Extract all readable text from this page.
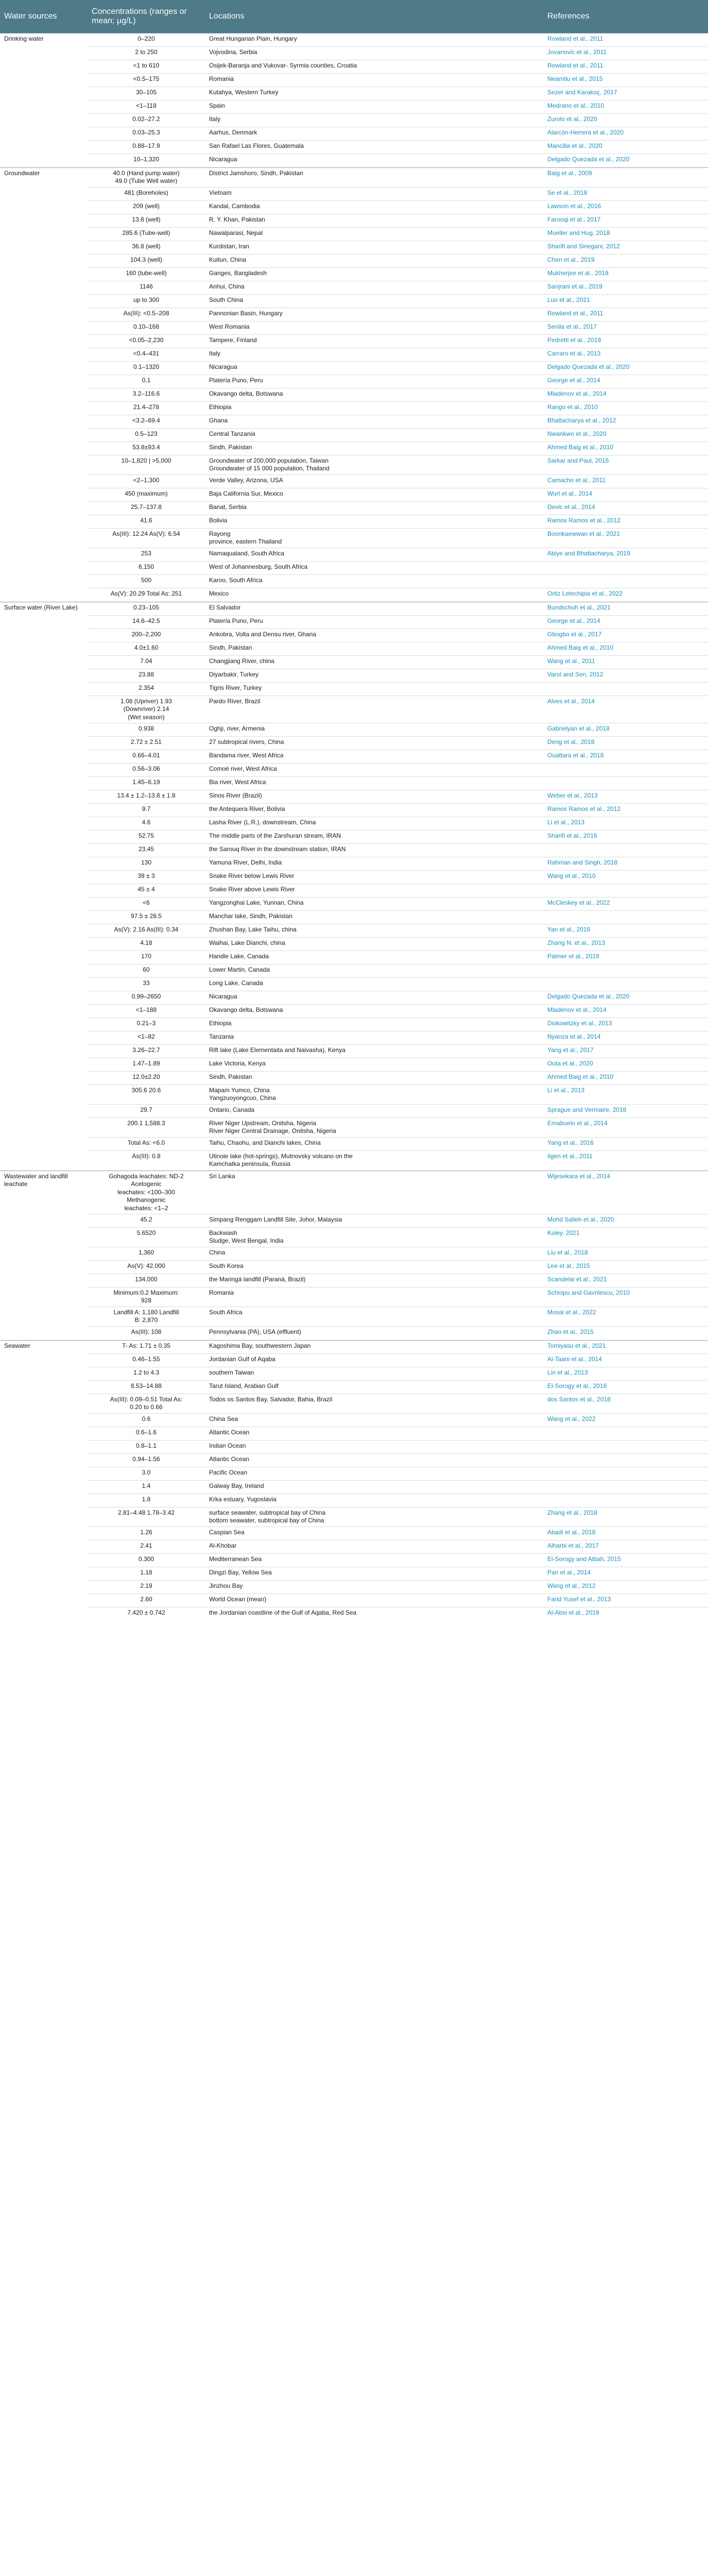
Water sources	Concentrations (ranges or mean; μg/L)	Locations	References
Drinking water	0–220	Great Hungarian Plain, Hungary	Rowland et al., 2011

	2 to 250	Vojvodina, Serbia	Jovanovic et al., 2011

	<1 to 610	Osijek-Baranja and Vukovar- Syrmia counties, Croatia	Rowland et al., 2011

	<0.5–175	Romania	Neamtiu et al., 2015

	30–105	Kutahya, Western Turkey	Sezer and Karakoç, 2017

	<1–118	Spain	Medrano et al., 2010

	0.02–27.2	Italy	Zurolo et al., 2020

	0.03–25.3	Aarhus, Denmark	Alarcón-Herrera et al., 2020

	0.88–17.9	San Rafael Las Flores, Guatemala	Mancilla et al., 2020

	10–1,320	Nicaragua	Delgado Quezada et al., 2020

Groundwater	40.0 (Hand pump water)
49.0 (Tube Well water)	District Jamshoro, Sindh, Pakistan	Baig et al., 2009

	481 (Boreholes)	Vietnam	Se et al., 2018

	209 (well)	Kandal, Cambodia	Lawson et al., 2016

	13.8 (well)	R. Y. Khan, Pakistan	Farooqi et al., 2017

	285.6 (Tube-well)	Nawalparasi, Nepal	Mueller and Hug, 2018

	36.8 (well)	Kurdistan, Iran	Sharifi and Sinegani, 2012

	104.3 (well)	Kuitun, China	Chen et al., 2019

	160 (tube-well)	Ganges, Bangladesh	Mukherjee et al., 2018

	1146	Anhui, China	Sanjrani et al., 2019

	up to 300	South China	Luo et al., 2021

	As(III): <0.5–208	Pannonian Basin, Hungary	Rowland et al., 2011

	0.10–168	West Romania	Senila et al., 2017

	<0.05–2,230	Tampere, Finland	Pedretti et al., 2019

	<0.4–431	Italy	Carraro et al., 2013

	0.1–1320	Nicaragua	Delgado Quezada et al., 2020

	0.1	Platería Puno, Peru	George et al., 2014

	3.2–116.6	Okavango delta, Botswana	Mladenov et al., 2014

	21.4–278	Ethiopia	Rango et al., 2010

	<3.2–69.4	Ghana	Bhattacharya et al., 2012

	0.5–123	Central Tanzania	Nwankwo et al., 2020

	53.8±93.4	Sindh, Pakistan	Ahmed Baig et al., 2010

	10–1,820 | >5,000	Groundwater of 200,000 population, Taiwan
Groundwater of 15 000 population, Thailand	Sarkar and Paul, 2016

	<2–1,300	Verde Valley, Arizona, USA	Camacho et al., 2011

	450 (maximum)	Baja California Sur, Mexico	Wurl et al., 2014

	25.7–137.8	Banat, Serbia	Devic et al., 2014

	41.6	Bolivia	Ramos Ramos et al., 2012

	As(III): 12.24 As(V): 6.54	Rayong
province, eastern Thailand	Boonkaewwan et al., 2021

	253	Namaqualand, South Africa	Abiye and Bhattacharya, 2019

	6,150	West of Johannesburg, South Africa	

	500	Karoo, South Africa	

	As(V): 20.29 Total As: 251	Mexico	Ortiz Letechipia et al., 2022

Surface water (River Lake)	0.23–105	El Salvador	Bundschuh et al., 2021

	14.6–42.5	Platería Puno, Peru	George et al., 2014

	200–2,200	Ankobra, Volta and Densu river, Ghana	Gbogbo et al., 2017

	4.0±1.60	Sindh, Pakistan	Ahmed Baig et al., 2010

	7.04	Changjiang River, china	Wang et al., 2011

	23.88	Diyarbakir, Turkey	Varol and Sen, 2012

	2.354	Tigris River, Turkey	

	1.08 (Upriver) 1.93
(Downriver) 2.14
(Wet season)	Pardo River, Brazil	Alves et al., 2014

	0.938	Oghji, river, Armenia	Gabrielyan et al., 2018

	2.72 ± 2.51	27 subtropical rivers, China	Deng et al., 2018

	0.66–4.01	Bandama river, West Africa	Ouattara et al., 2018

	0.56–3.06	Comoé river, West Africa	

	1.45–6.19	Bia river, West Africa	

	13.4 ± 1.2–13.8 ± 1.8	Sinos River (Brazil)	Weber et al., 2013

	9.7	the Antequera River, Bolivia	Ramos Ramos et al., 2012

	4.6	Lasha River (L.R.), downstream, China	Li et al., 2013

	52.75	The middle parts of the Zarshuran stream, IRAN	Sharifi et al., 2016

	23.45	the Sarouq River in the downstream station, IRAN	

	130	Yamuna River, Delhi, India	Rahman and Singh, 2018

	39 ± 3	Snake River below Lewis River	Wang et al., 2010

	45 ± 4	Snake River above Lewis River	

	<6	Yangzonghai Lake, Yunnan, China	McCleskey et al., 2022

	97.5 ± 28.5	Manchar lake, Sindh, Pakistan	

	As(V): 2.16 As(III): 0.34	Zhushan Bay, Lake Taihu, china	Yan et al., 2016

	4.18	Waihai, Lake Dianchi, china	Zhang N. et al., 2013

	170	Handle Lake, Canada	Palmer et al., 2019

	60	Lower Martin, Canada	

	33	Long Lake, Canada	

	0.99–2650	Nicaragua	Delgado Quezada et al., 2020

	<1–188	Okavango delta, Botswana	Mladenov et al., 2014

	0.21–3	Ethiopia	Dsikowitzky et al., 2013

	<1–82	Tanzania	Nyanza et al., 2014

	3.26–22.7	Rift lake (Lake Elementaita and Naivasha), Kenya	Yang et al., 2017

	1.47–1.89	Lake Victoria, Kenya	Outa et al., 2020

	12.0±2.20	Sindh, Pakistan	Ahmed Baig et al., 2010

	305.6 20.6	Mapam Yumco, China
Yangzuoyongcuo, China	Li et al., 2013

	29.7	Ontario, Canada	Sprague and Vermaire, 2018

	200.1 1,588.3	River Niger Upstream, Onitsha, Nigeria
River Niger Central Drainage, Onitsha, Nigeria	Emabuelo et al., 2014

	Total As: <6.0	Taihu, Chaohu, and Dianchi lakes, China	Yang et al., 2016

	As(III): 0.8	Utinoie lake (hot-springs), Mutnovsky volcano on the
Kamchatka peninsula, Russia	Ilgen et al., 2011

Wastewater and landfill leachate	Gohagoda leachates: ND-2
Acetogenic
leachates: <100–300
Methanogenic
leachates: <1–2	Sri Lanka	Wijesekara et al., 2014

	45.2	Simpang Renggam Landfill Site, Johor, Malaysia	Mohd Salleh et al., 2020

	5.6520	Backwash
Sludge, West Bengal, India	Koley, 2021

	1,360	China	Liu et al., 2018

	As(V): 42,000	South Korea	Lee et al., 2015

	134,000	the Maringá landfill (Paraná, Brazil)	Scandelai et al., 2021

	Minimum:0.2 Maximum:
928	Romania	Schiopu and Gavrilescu, 2010

	Landfill A: 1,180 Landfill
B: 2,870	South Africa	Mosai et al., 2022

	As(III): 108	Pennsylvania (PA), USA (effluent)	Zhao et al., 2015

Seawater	T- As: 1.71 ± 0.35	Kagoshima Bay, southwestern Japan	Tomiyasu et al., 2021

	0.46–1.55	Jordanian Gulf of Aqaba	Al-Taani et al., 2014

	1.2 to 4.3	southern Taiwan	Lin et al., 2013

	8.53–14.88	Tarut Island, Arabian Gulf	El-Sorogy et al., 2016

	As(III): 0.09–0.51 Total As:
0.20 to 0.66	Todos os Santos Bay, Salvador, Bahia, Brazil	dos Santos et al., 2018

	0.6	China Sea	Wang et al., 2022

	0.6–1.6	Atlantic Ocean	

	0.8–1.1	Indian Ocean	

	0.94–1.56	Atlantic Ocean	

	3.0	Pacific Ocean	

	1.4	Galway Bay, Ireland	

	1.8	Krka estuary, Yugoslavia	

	2.81–4.48 1.78–3.42	surface seawater, subtropical bay of China
bottom seawater, subtropical bay of China	Zhang et al., 2018

	1.26	Caspian Sea	Abadi et al., 2018

	2.41	Al-Khobar	Alharbi et al., 2017

	0.300	Mediterranean Sea	El-Sorogy and Attiah, 2015

	1.18	Dingzi Bay, Yellow Sea	Pan et al., 2014

	2.19	Jinzhou Bay	Wang et al., 2012

	2.60	World Ocean (mean)	Farid Yusef et al., 2013

	7.420 ± 0.742	the Jordanian coastline of the Gulf of Aqaba, Red Sea	Al-Absi et al., 2019
